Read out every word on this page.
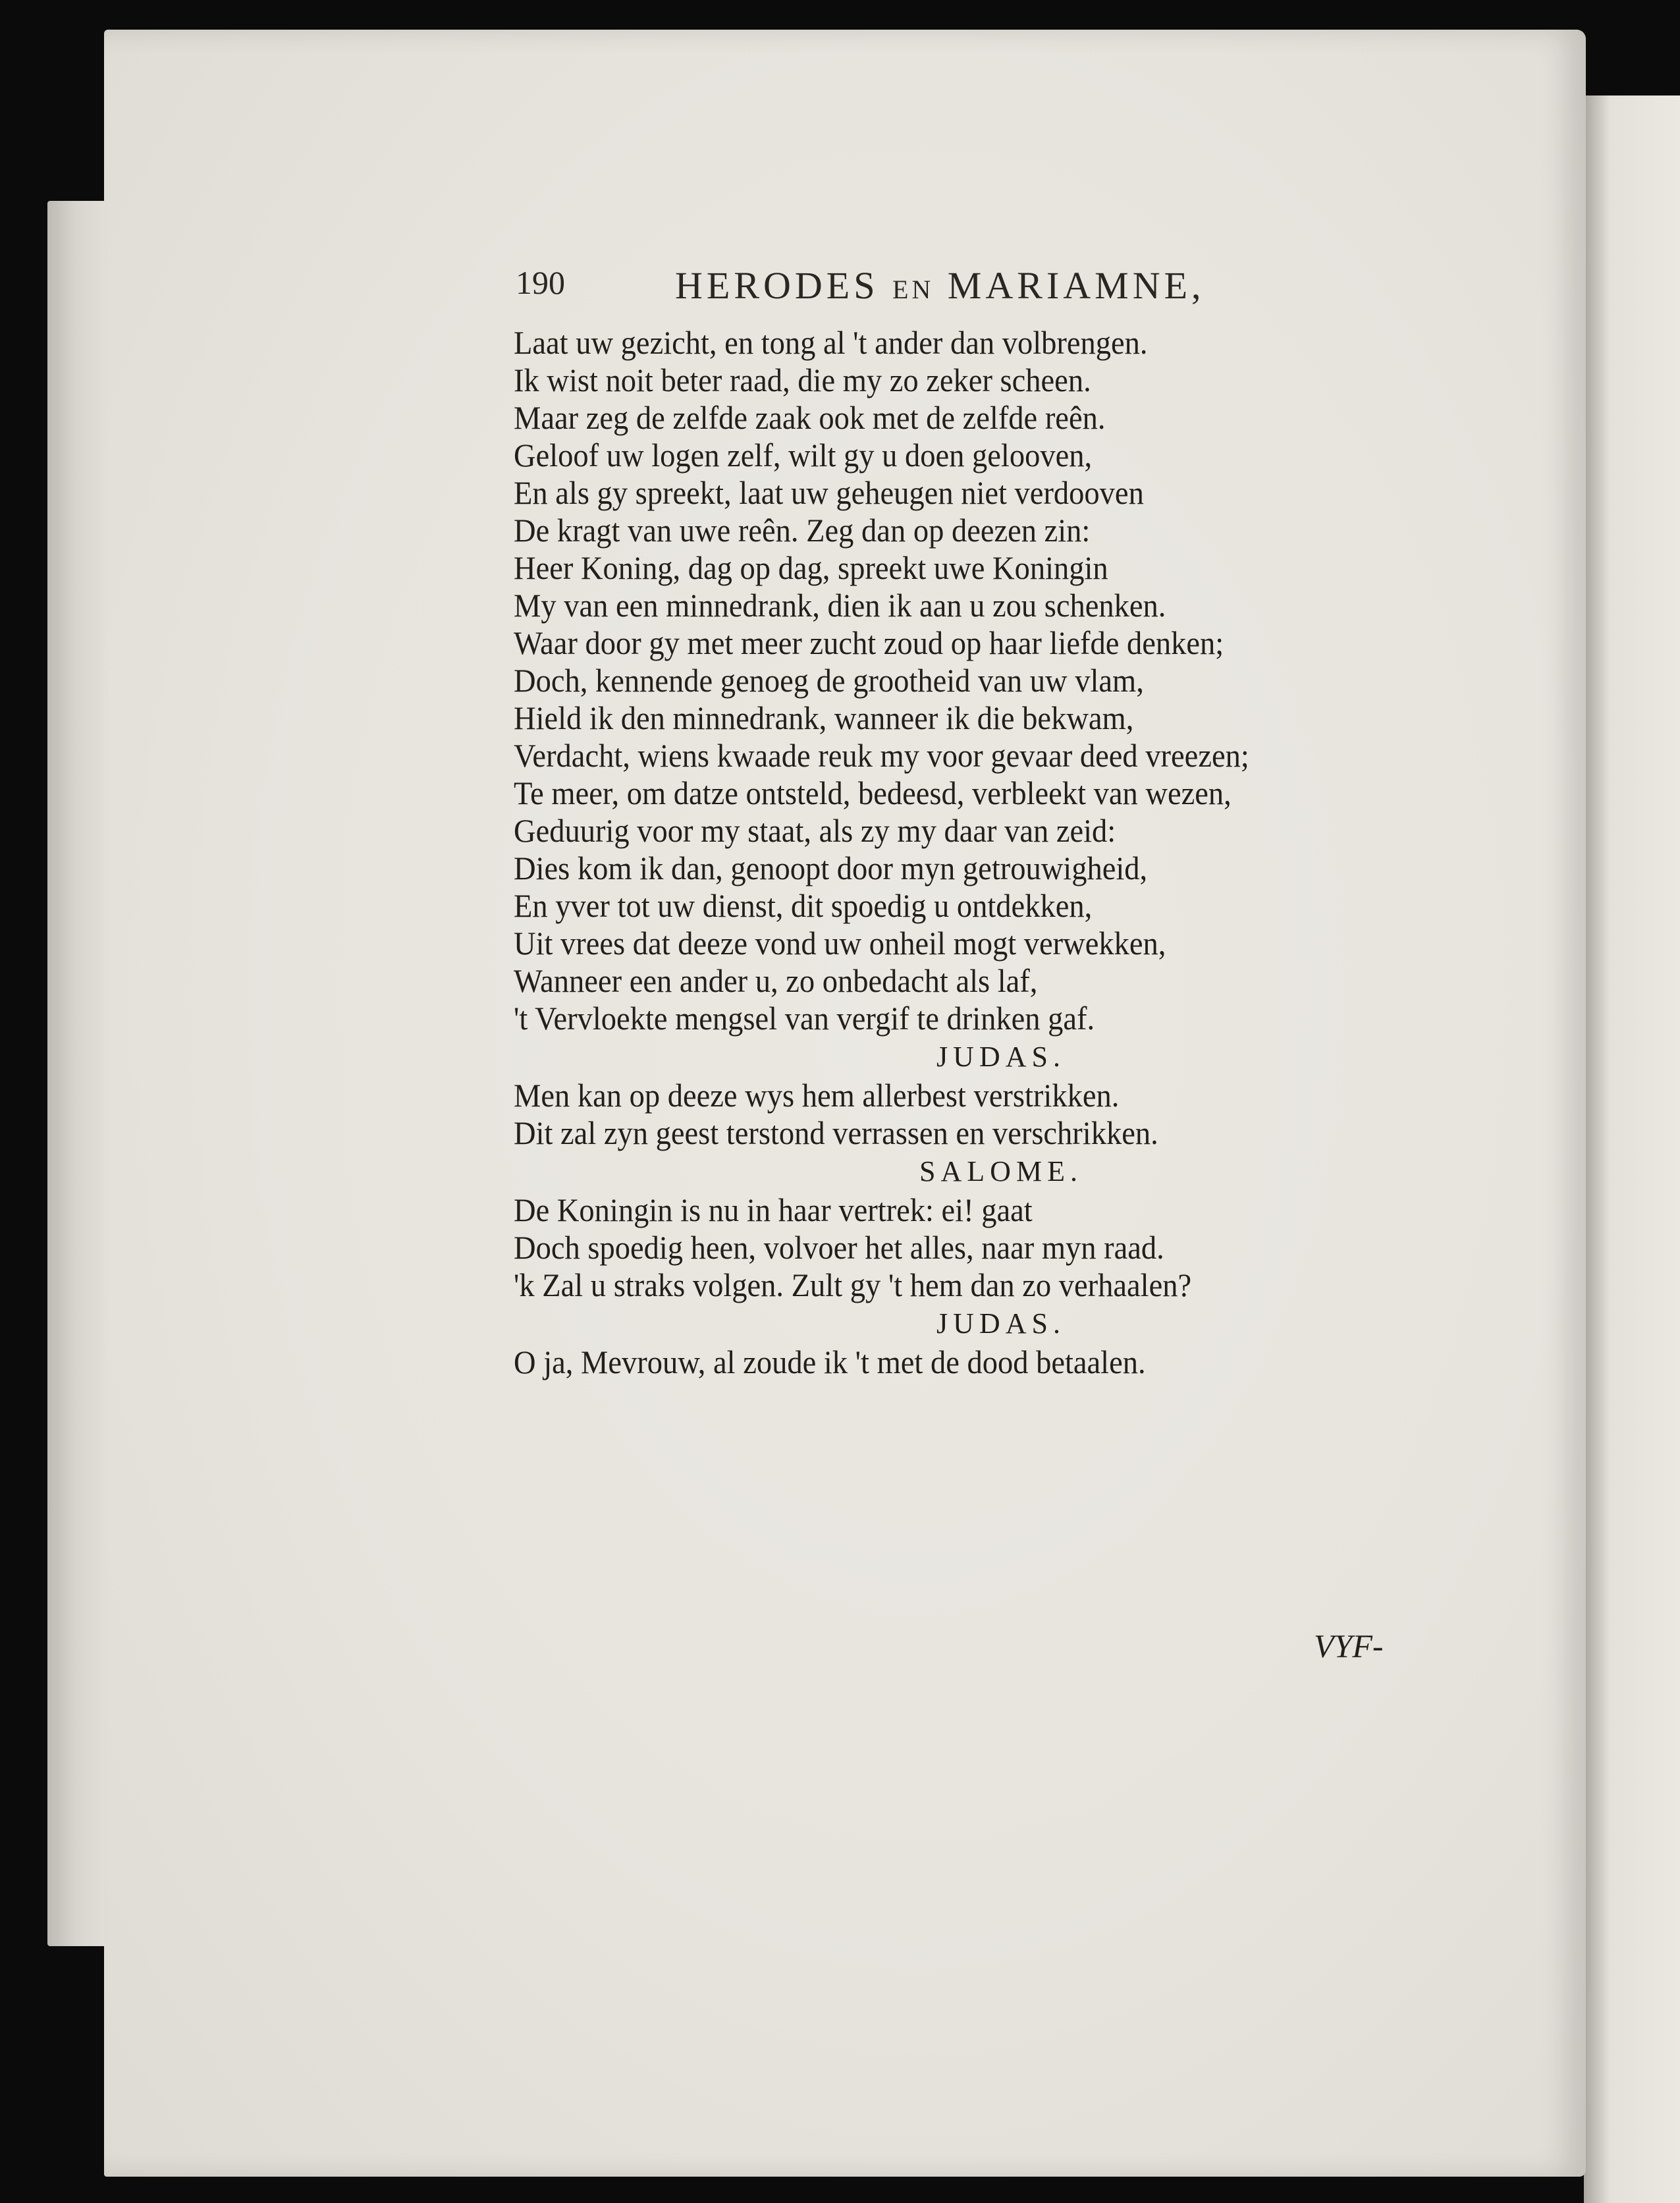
190	HERODES EN MARIAMNE,
Laat uw gezicht, en tong al 't ander dan volbrengen.
Ik wist noit beter raad, die my zo zeker scheen.
Maar zeg de zelfde zaak ook met de zelfde reên.
Geloof uw logen zelf, wilt gy u doen gelooven,
En als gy spreekt, laat uw geheugen niet verdooven
De kragt van uwe reên. Zeg dan op deezen zin:
Heer Koning, dag op dag, spreekt uwe Koningin
My van een minnedrank, dien ik aan u zou schenken.
Waar door gy met meer zucht zoud op haar liefde denken;
Doch, kennende genoeg de grootheid van uw vlam,
Hield ik den minnedrank, wanneer ik die bekwam,
Verdacht, wiens kwaade reuk my voor gevaar deed vreezen;
Te meer, om datze ontsteld, bedeesd, verbleekt van wezen,
Geduurig voor my staat, als zy my daar van zeid:
Dies kom ik dan, genoopt door myn getrouwigheid,
En yver tot uw dienst, dit spoedig u ontdekken,
Uit vrees dat deeze vond uw onheil mogt verwekken,
Wanneer een ander u, zo onbedacht als laf,
't Vervloekte mengsel van vergif te drinken gaf.
JUDAS.
Men kan op deeze wys hem allerbest verstrikken.
Dit zal zyn geest terstond verrassen en verschrikken.
SALOME.
De Koningin is nu in haar vertrek: ei! gaat
Doch spoedig heen, volvoer het alles, naar myn raad.
'k Zal u straks volgen. Zult gy 't hem dan zo verhaalen?
JUDAS.
O ja, Mevrouw, al zoude ik 't met de dood betaalen.
VYF-
